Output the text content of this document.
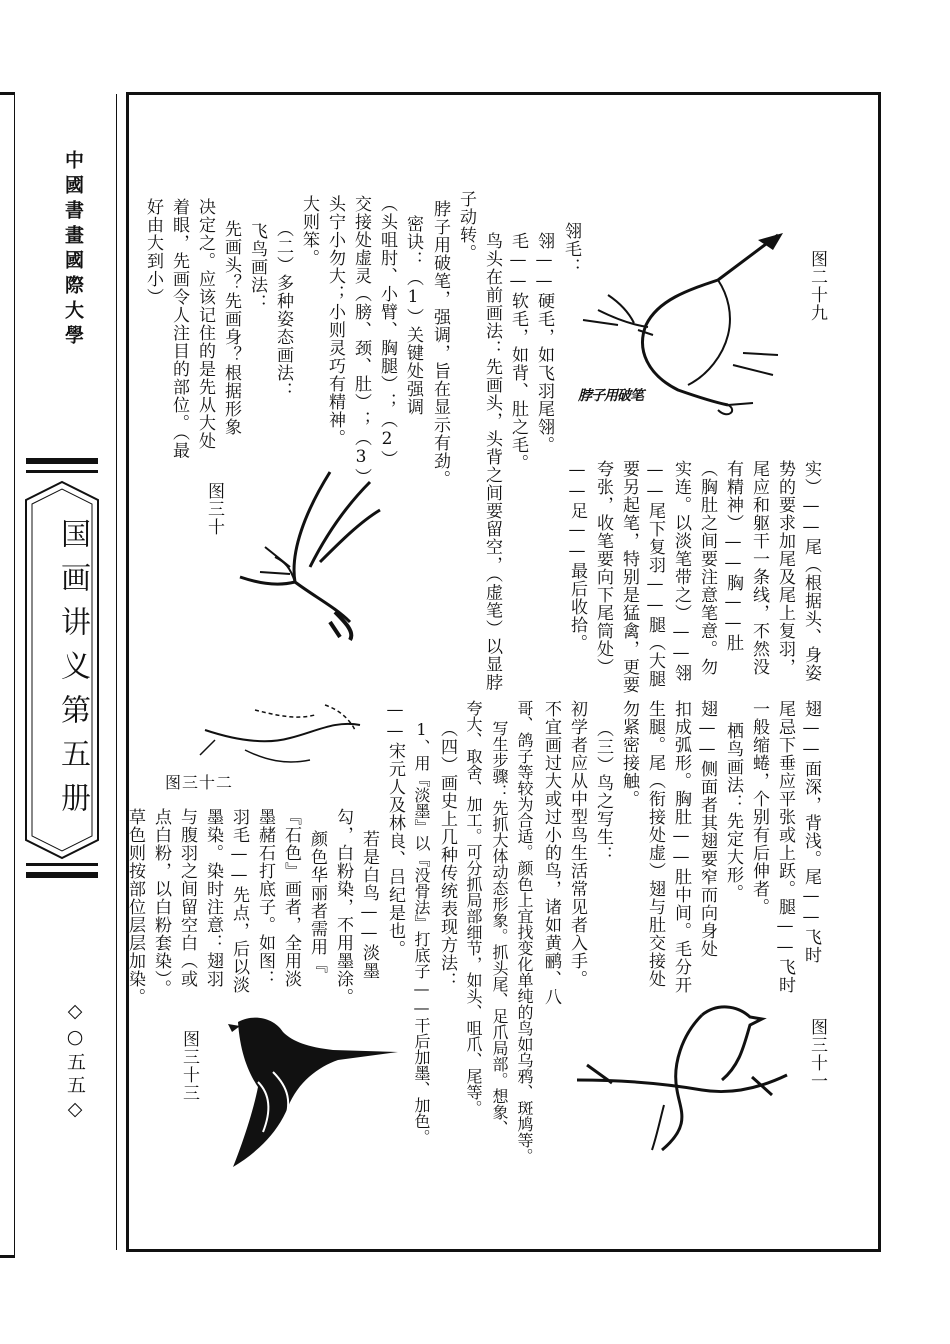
中國書畫國際大學
国画讲义第五册
◇○五五◇
翎毛：
翎——硬毛，如飞羽尾翎。
毛——软毛，如背、肚之毛。
鸟头在前画法：先画头，头背之间要留空，（虚笔）以显脖
子动转。
脖子用破笔，强调，旨在显示有劲。
密诀：（1）关键处强调
（头咀肘、小臂、胸腿）；（2）
交接处虚灵（膀、颈、肚）；（3）
头宁小勿大；小则灵巧有精神。
大则笨。
（二）多种姿态画法：
飞鸟画法：
先画头？先画身？根据形象
决定之。应该记住的是先从大处
着眼，先画令人注目的部位。（最
好由大到小）
实）——尾（根据头、身姿
势的要求加尾及尾上复羽，
尾应和躯干一条线，不然没
有精神）——胸——肚
（胸肚之间要注意笔意。勿
实连。以淡笔带之）——翎
——尾下复羽——腿（大腿
要另起笔，特别是猛禽，更要
夸张，收笔要向下尾筒处）
——足——最后收拾。
翅——面深，背浅。尾——飞时
尾忌下垂应平张或上跃。腿——飞时
一般缩蜷，个别有后伸者。
栖鸟画法：先定大形。
翅——侧面者其翅要窄而向身处
扣成弧形。胸肚——肚中间。毛分开
生腿。尾（衔接处虚）翅与肚交接处
勿紧密接触。
（三）鸟之写生：
初学者应从中型鸟生活常见者入手。
不宜画过大或过小的鸟，诸如黄鹂、八
哥、鸽子等较为合适。颜色上宜找变化单纯的鸟如乌鸦、斑鸠等。
写生步骤：先抓大体动态形象。抓头尾、足爪局部。想象、
夸大、取舍、加工。可分抓局部细节，如头、咀爪、尾等。
（四）画史上几种传统表现方法：
1、用『淡墨』以『没骨法』打底子——干后加墨、加色。
——宋元人及林良、吕纪是也。
若是白鸟——淡墨
勾，白粉染，不用墨涂。
颜色华丽者需用『
『石色』画者，全用淡
墨赭石打底子。如图：
羽毛——先点，后以淡
墨染。染时注意：翅羽
与腹羽之间留空白（或
点白粉，以白粉套染）。
草色则按部位层层加染。
图二十九
图三十一
图三十
图三十三
图三十二
脖子用破笔
